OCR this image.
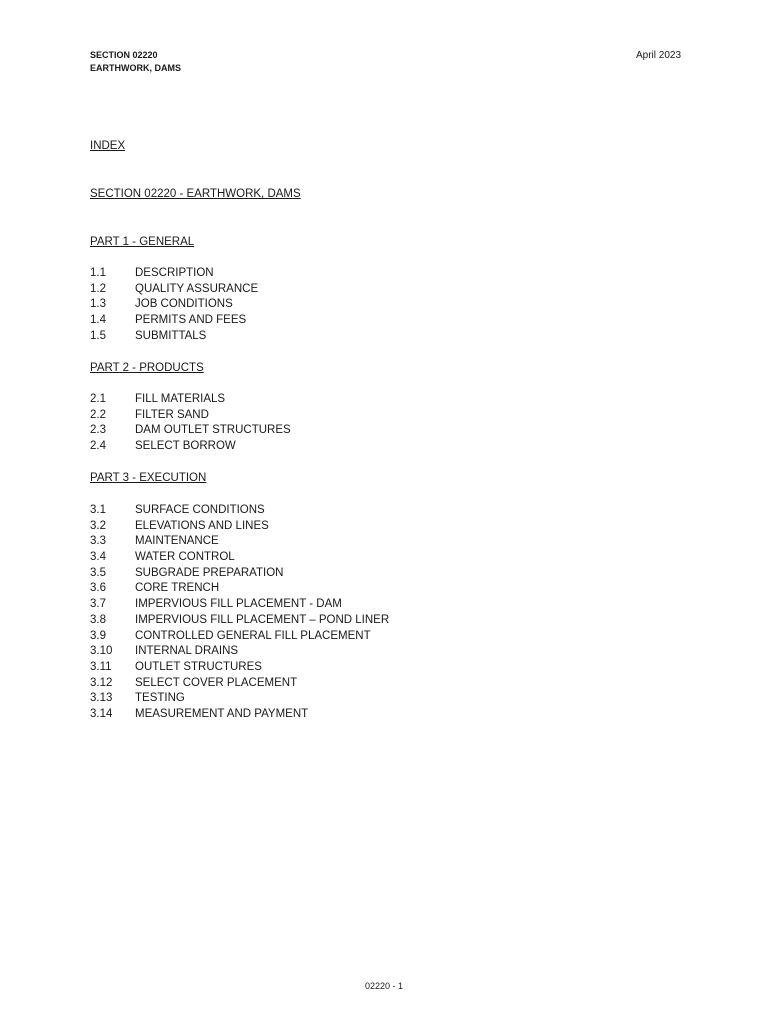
SECTION 02220
EARTHWORK, DAMS
April 2023
INDEX
SECTION 02220 - EARTHWORK, DAMS
PART 1 - GENERAL
1.1	DESCRIPTION
1.2	QUALITY ASSURANCE
1.3	JOB CONDITIONS
1.4	PERMITS AND FEES
1.5	SUBMITTALS
PART 2 - PRODUCTS
2.1	FILL MATERIALS
2.2	FILTER SAND
2.3	DAM OUTLET STRUCTURES
2.4	SELECT BORROW
PART 3 - EXECUTION
3.1	SURFACE CONDITIONS
3.2	ELEVATIONS AND LINES
3.3	MAINTENANCE
3.4	WATER CONTROL
3.5	SUBGRADE PREPARATION
3.6	CORE TRENCH
3.7	IMPERVIOUS FILL PLACEMENT - DAM
3.8	IMPERVIOUS FILL PLACEMENT – POND LINER
3.9	CONTROLLED GENERAL FILL PLACEMENT
3.10 INTERNAL DRAINS
3.11 OUTLET STRUCTURES
3.12 SELECT COVER PLACEMENT
3.13 TESTING
3.14 MEASUREMENT AND PAYMENT
02220 - 1
